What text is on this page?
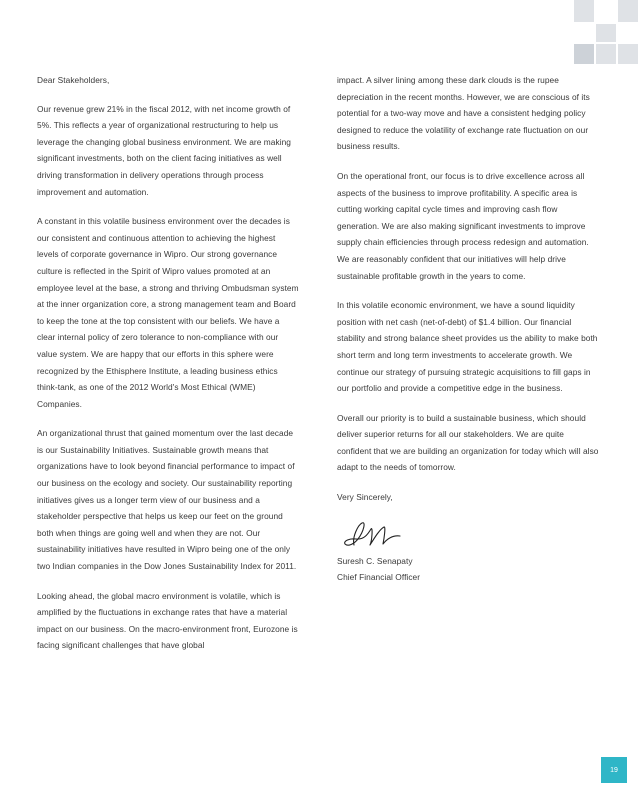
Dear Stakeholders,

Our revenue grew 21% in the fiscal 2012, with net income growth of 5%. This reflects a year of organizational restructuring to help us leverage the changing global business environment. We are making significant investments, both on the client facing initiatives as well driving transformation in delivery operations through process improvement and automation.

A constant in this volatile business environment over the decades is our consistent and continuous attention to achieving the highest levels of corporate governance in Wipro. Our strong governance culture is reflected in the Spirit of Wipro values promoted at an employee level at the base, a strong and thriving Ombudsman system at the inner organization core, a strong management team and Board to keep the tone at the top consistent with our beliefs. We have a clear internal policy of zero tolerance to non-compliance with our value system. We are happy that our efforts in this sphere were recognized by the Ethisphere Institute, a leading business ethics think-tank, as one of the 2012 World's Most Ethical (WME) Companies.

An organizational thrust that gained momentum over the last decade is our Sustainability Initiatives. Sustainable growth means that organizations have to look beyond financial performance to impact of our business on the ecology and society. Our sustainability reporting initiatives gives us a longer term view of our business and a stakeholder perspective that helps us keep our feet on the ground both when things are going well and when they are not. Our sustainability initiatives have resulted in Wipro being one of the only two Indian companies in the Dow Jones Sustainability Index for 2011.

Looking ahead, the global macro environment is volatile, which is amplified by the fluctuations in exchange rates that have a material impact on our business. On the macro-environment front, Eurozone is facing significant challenges that have global

impact. A silver lining among these dark clouds is the rupee depreciation in the recent months. However, we are conscious of its potential for a two-way move and have a consistent hedging policy designed to reduce the volatility of exchange rate fluctuation on our business results.

On the operational front, our focus is to drive excellence across all aspects of the business to improve profitability. A specific area is cutting working capital cycle times and improving cash flow generation. We are also making significant investments to improve supply chain efficiencies through process redesign and automation. We are reasonably confident that our initiatives will help drive sustainable profitable growth in the years to come.

In this volatile economic environment, we have a sound liquidity position with net cash (net-of-debt) of $1.4 billion. Our financial stability and strong balance sheet provides us the ability to make both short term and long term investments to accelerate growth. We continue our strategy of pursuing strategic acquisitions to fill gaps in our portfolio and provide a competitive edge in the business.

Overall our priority is to build a sustainable business, which should deliver superior returns for all our stakeholders. We are quite confident that we are building an organization for today which will also adapt to the needs of tomorrow.

Very Sincerely,

Suresh C. Senapaty

Chief Financial Officer

19
